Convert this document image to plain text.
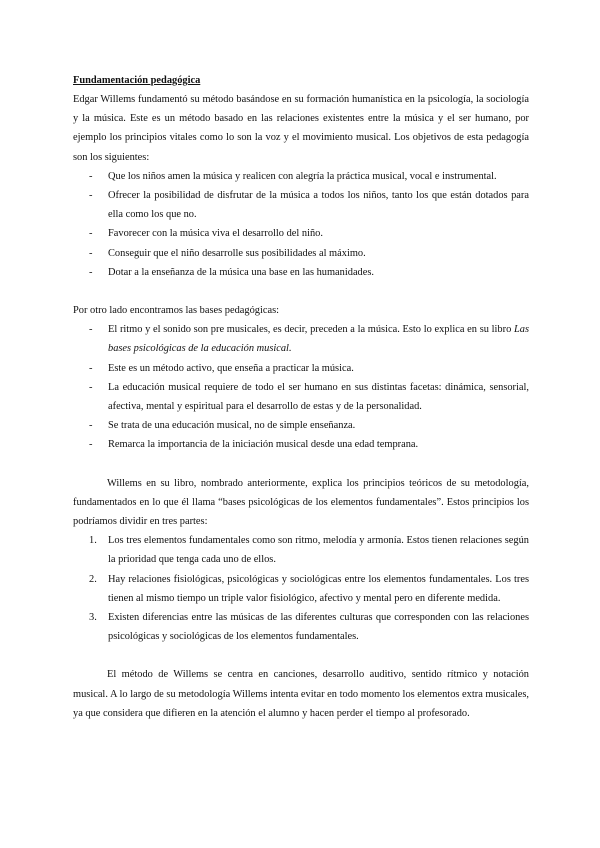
Fundamentación pedagógica

Edgar Willems fundamentó su método basándose en su formación humanística en la psicología, la sociología y la música. Este es un método basado en las relaciones existentes entre la música y el ser humano, por ejemplo los principios vitales como lo son la voz y el movimiento musical. Los objetivos de esta pedagogía son los siguientes:

- Que los niños amen la música y realicen con alegría la práctica musical, vocal e instrumental.
- Ofrecer la posibilidad de disfrutar de la música a todos los niños, tanto los que están dotados para ella como los que no.
- Favorecer con la música viva el desarrollo del niño.
- Conseguir que el niño desarrolle sus posibilidades al máximo.
- Dotar a la enseñanza de la música una base en las humanidades.

Por otro lado encontramos las bases pedagógicas:

- El ritmo y el sonido son pre musicales, es decir, preceden a la música. Esto lo explica en su libro Las bases psicológicas de la educación musical.
- Este es un método activo, que enseña a practicar la música.
- La educación musical requiere de todo el ser humano en sus distintas facetas: dinámica, sensorial, afectiva, mental y espiritual para el desarrollo de estas y de la personalidad.
- Se trata de una educación musical, no de simple enseñanza.
- Remarca la importancia de la iniciación musical desde una edad temprana.

Willems en su libro, nombrado anteriormente, explica los principios teóricos de su metodología, fundamentados en lo que él llama “bases psicológicas de los elementos fundamentales”. Estos principios los podríamos dividir en tres partes:

1. Los tres elementos fundamentales como son ritmo, melodía y armonía. Estos tienen relaciones según la prioridad que tenga cada uno de ellos.
2. Hay relaciones fisiológicas, psicológicas y sociológicas entre los elementos fundamentales. Los tres tienen al mismo tiempo un triple valor fisiológico, afectivo y mental pero en diferente medida.
3. Existen diferencias entre las músicas de las diferentes culturas que corresponden con las relaciones psicológicas y sociológicas de los elementos fundamentales.

El método de Willems se centra en canciones, desarrollo auditivo, sentido rítmico y notación musical. A lo largo de su metodología Willems intenta evitar en todo momento los elementos extra musicales, ya que considera que difieren en la atención el alumno y hacen perder el tiempo al profesorado.
